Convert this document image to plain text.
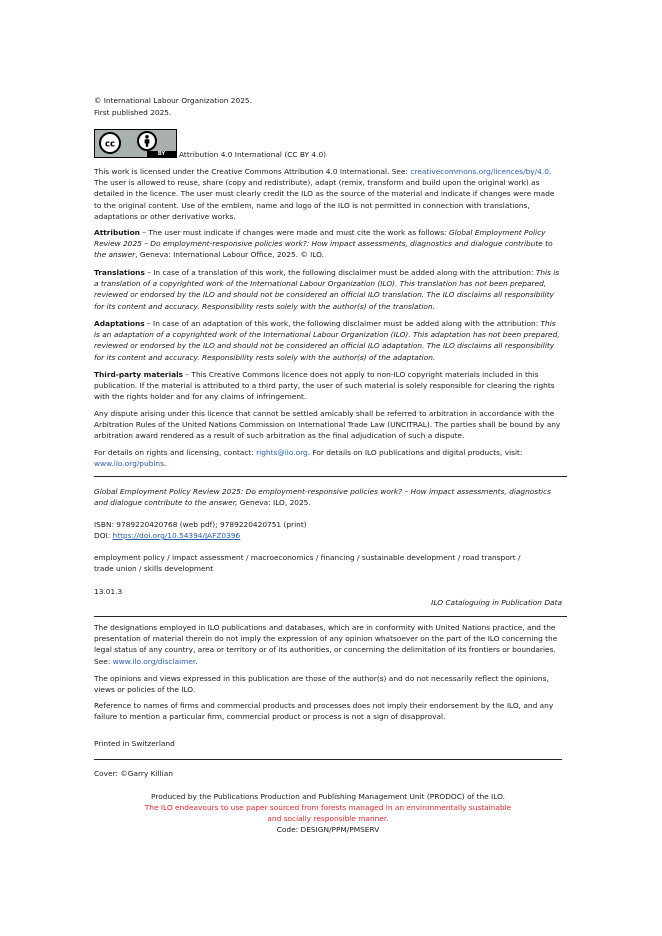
© International Labour Organization 2025.

First published 2025.

cc
BY	Attribution 4.0 International (CC BY 4.0)

This work is licensed under the Creative Commons Attribution 4.0 International. See: creativecommons.org/licences/by/4.0. The user is allowed to reuse, share (copy and redistribute), adapt (remix, transform and build upon the original work) as detailed in the licence. The user must clearly credit the ILO as the source of the material and indicate if changes were made to the original content. Use of the emblem, name and logo of the ILO is not permitted in connection with translations, adaptations or other derivative works.

Attribution – The user must indicate if changes were made and must cite the work as follows: Global Employment Policy Review 2025 – Do employment-responsive policies work?: How impact assessments, diagnostics and dialogue contribute to the answer, Geneva: International Labour Office, 2025. © ILO.

Translations – In case of a translation of this work, the following disclaimer must be added along with the attribution: This is a translation of a copyrighted work of the International Labour Organization (ILO). This translation has not been prepared, reviewed or endorsed by the ILO and should not be considered an official ILO translation. The ILO disclaims all responsibility for its content and accuracy. Responsibility rests solely with the author(s) of the translation.

Adaptations – In case of an adaptation of this work, the following disclaimer must be added along with the attribution: This is an adaptation of a copyrighted work of the International Labour Organization (ILO). This adaptation has not been prepared, reviewed or endorsed by the ILO and should not be considered an official ILO adaptation. The ILO disclaims all responsibility for its content and accuracy. Responsibility rests solely with the author(s) of the adaptation.

Third-party materials – This Creative Commons licence does not apply to non-ILO copyright materials included in this publication. If the material is attributed to a third party, the user of such material is solely responsible for clearing the rights with the rights holder and for any claims of infringement.

Any dispute arising under this licence that cannot be settled amicably shall be referred to arbitration in accordance with the Arbitration Rules of the United Nations Commission on International Trade Law (UNCITRAL). The parties shall be bound by any arbitration award rendered as a result of such arbitration as the final adjudication of such a dispute.

For details on rights and licensing, contact: rights@ilo.org. For details on ILO publications and digital products, visit: www.ilo.org/publns.

Global Employment Policy Review 2025: Do employment-responsive policies work? – How impact assessments, diagnostics and dialogue contribute to the answer, Geneva: ILO, 2025.

ISBN: 9789220420768 (web pdf); 9789220420751 (print)

DOI: https://doi.org/10.54394/JAFZ0396

employment policy / impact assessment / macroeconomics / financing / sustainable development / road transport /

trade union / skills development

13.01.3

ILO Cataloguing in Publication Data

The designations employed in ILO publications and databases, which are in conformity with United Nations practice, and the presentation of material therein do not imply the expression of any opinion whatsoever on the part of the ILO concerning the legal status of any country, area or territory or of its authorities, or concerning the delimitation of its frontiers or boundaries. See: www.ilo.org/disclaimer.

The opinions and views expressed in this publication are those of the author(s) and do not necessarily reflect the opinions, views or policies of the ILO.

Reference to names of firms and commercial products and processes does not imply their endorsement by the ILO, and any failure to mention a particular firm, commercial product or process is not a sign of disapproval.

Printed in Switzerland

Cover: ©Garry Killian

Produced by the Publications Production and Publishing Management Unit (PRODOC) of the ILO.

The ILO endeavours to use paper sourced from forests managed in an environmentally sustainable

and socially responsible manner.

Code: DESIGN/PPM/PMSERV
